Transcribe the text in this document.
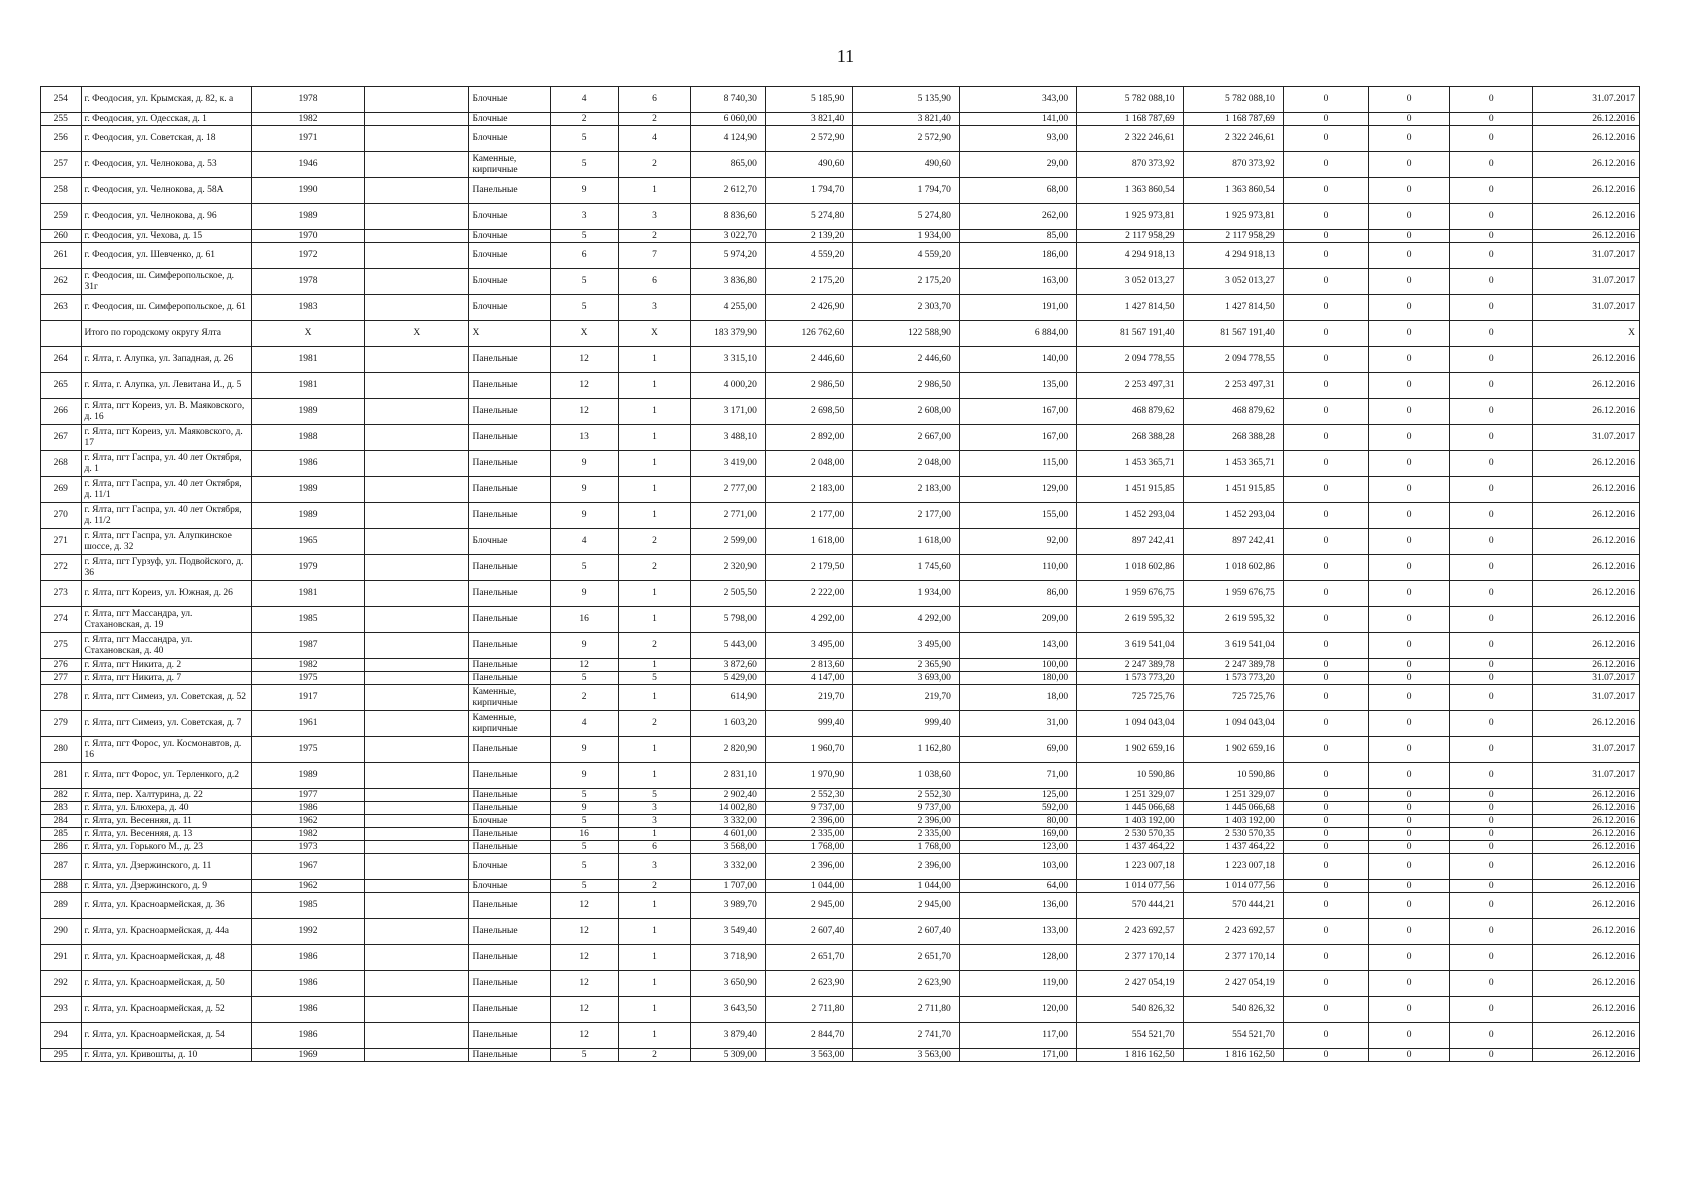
11
254	г. Феодосия, ул. Крымская, д. 82, к. а	1978		Блочные	4	6	8 740,30	5 185,90	5 135,90	343,00	5 782 088,10	5 782 088,10	0	0	0	31.07.2017
255	г. Феодосия, ул. Одесская, д. 1	1982		Блочные	2	2	6 060,00	3 821,40	3 821,40	141,00	1 168 787,69	1 168 787,69	0	0	0	26.12.2016
256	г. Феодосия, ул. Советская, д. 18	1971		Блочные	5	4	4 124,90	2 572,90	2 572,90	93,00	2 322 246,61	2 322 246,61	0	0	0	26.12.2016
257	г. Феодосия, ул. Челнокова, д. 53	1946		Каменные, кирпичные	5	2	865,00	490,60	490,60	29,00	870 373,92	870 373,92	0	0	0	26.12.2016
258	г. Феодосия, ул. Челнокова, д. 58А	1990		Панельные	9	1	2 612,70	1 794,70	1 794,70	68,00	1 363 860,54	1 363 860,54	0	0	0	26.12.2016
259	г. Феодосия, ул. Челнокова, д. 96	1989		Блочные	3	3	8 836,60	5 274,80	5 274,80	262,00	1 925 973,81	1 925 973,81	0	0	0	26.12.2016
260	г. Феодосия, ул. Чехова, д. 15	1970		Блочные	5	2	3 022,70	2 139,20	1 934,00	85,00	2 117 958,29	2 117 958,29	0	0	0	26.12.2016
261	г. Феодосия, ул. Шевченко, д. 61	1972		Блочные	6	7	5 974,20	4 559,20	4 559,20	186,00	4 294 918,13	4 294 918,13	0	0	0	31.07.2017
262	г. Феодосия, ш. Симферопольское, д. 31г	1978		Блочные	5	6	3 836,80	2 175,20	2 175,20	163,00	3 052 013,27	3 052 013,27	0	0	0	31.07.2017
263	г. Феодосия, ш. Симферопольское, д. 61	1983		Блочные	5	3	4 255,00	2 426,90	2 303,70	191,00	1 427 814,50	1 427 814,50	0	0	0	31.07.2017
	Итого по городскому округу Ялта	X	X	X	X	X	183 379,90	126 762,60	122 588,90	6 884,00	81 567 191,40	81 567 191,40	0	0	0	X
264	г. Ялта, г. Алупка, ул. Западная, д. 26	1981		Панельные	12	1	3 315,10	2 446,60	2 446,60	140,00	2 094 778,55	2 094 778,55	0	0	0	26.12.2016
265	г. Ялта, г. Алупка, ул. Левитана И., д. 5	1981		Панельные	12	1	4 000,20	2 986,50	2 986,50	135,00	2 253 497,31	2 253 497,31	0	0	0	26.12.2016
266	г. Ялта, пгт Кореиз, ул. В. Маяковского, д. 16	1989		Панельные	12	1	3 171,00	2 698,50	2 608,00	167,00	468 879,62	468 879,62	0	0	0	26.12.2016
267	г. Ялта, пгт Кореиз, ул. Маяковского, д. 17	1988		Панельные	13	1	3 488,10	2 892,00	2 667,00	167,00	268 388,28	268 388,28	0	0	0	31.07.2017
268	г. Ялта, пгт Гаспра, ул. 40 лет Октября, д. 1	1986		Панельные	9	1	3 419,00	2 048,00	2 048,00	115,00	1 453 365,71	1 453 365,71	0	0	0	26.12.2016
269	г. Ялта, пгт Гаспра, ул. 40 лет Октября, д. 11/1	1989		Панельные	9	1	2 777,00	2 183,00	2 183,00	129,00	1 451 915,85	1 451 915,85	0	0	0	26.12.2016
270	г. Ялта, пгт Гаспра, ул. 40 лет Октября, д. 11/2	1989		Панельные	9	1	2 771,00	2 177,00	2 177,00	155,00	1 452 293,04	1 452 293,04	0	0	0	26.12.2016
271	г. Ялта, пгт Гаспра, ул. Алупкинское шоссе, д. 32	1965		Блочные	4	2	2 599,00	1 618,00	1 618,00	92,00	897 242,41	897 242,41	0	0	0	26.12.2016
272	г. Ялта, пгт Гурзуф, ул. Подвойского, д. 36	1979		Панельные	5	2	2 320,90	2 179,50	1 745,60	110,00	1 018 602,86	1 018 602,86	0	0	0	26.12.2016
273	г. Ялта, пгт Кореиз, ул. Южная, д. 26	1981		Панельные	9	1	2 505,50	2 222,00	1 934,00	86,00	1 959 676,75	1 959 676,75	0	0	0	26.12.2016
274	г. Ялта, пгт Массандра, ул. Стахановская, д. 19	1985		Панельные	16	1	5 798,00	4 292,00	4 292,00	209,00	2 619 595,32	2 619 595,32	0	0	0	26.12.2016
275	г. Ялта, пгт Массандра, ул. Стахановская, д. 40	1987		Панельные	9	2	5 443,00	3 495,00	3 495,00	143,00	3 619 541,04	3 619 541,04	0	0	0	26.12.2016
276	г. Ялта, пгт Никита, д. 2	1982		Панельные	12	1	3 872,60	2 813,60	2 365,90	100,00	2 247 389,78	2 247 389,78	0	0	0	26.12.2016
277	г. Ялта, пгт Никита, д. 7	1975		Панельные	5	5	5 429,00	4 147,00	3 693,00	180,00	1 573 773,20	1 573 773,20	0	0	0	31.07.2017
278	г. Ялта, пгт Симеиз, ул. Советская, д. 52	1917		Каменные, кирпичные	2	1	614,90	219,70	219,70	18,00	725 725,76	725 725,76	0	0	0	31.07.2017
279	г. Ялта, пгт Симеиз, ул. Советская, д. 7	1961		Каменные, кирпичные	4	2	1 603,20	999,40	999,40	31,00	1 094 043,04	1 094 043,04	0	0	0	26.12.2016
280	г. Ялта, пгт Форос, ул. Космонавтов, д. 16	1975		Панельные	9	1	2 820,90	1 960,70	1 162,80	69,00	1 902 659,16	1 902 659,16	0	0	0	31.07.2017
281	г. Ялта, пгт Форос, ул. Терленкого, д.2	1989		Панельные	9	1	2 831,10	1 970,90	1 038,60	71,00	10 590,86	10 590,86	0	0	0	31.07.2017
282	г. Ялта, пер. Халтурина, д. 22	1977		Панельные	5	5	2 902,40	2 552,30	2 552,30	125,00	1 251 329,07	1 251 329,07	0	0	0	26.12.2016
283	г. Ялта, ул. Блюхера, д. 40	1986		Панельные	9	3	14 002,80	9 737,00	9 737,00	592,00	1 445 066,68	1 445 066,68	0	0	0	26.12.2016
284	г. Ялта, ул. Весенняя, д. 11	1962		Блочные	5	3	3 332,00	2 396,00	2 396,00	80,00	1 403 192,00	1 403 192,00	0	0	0	26.12.2016
285	г. Ялта, ул. Весенняя, д. 13	1982		Панельные	16	1	4 601,00	2 335,00	2 335,00	169,00	2 530 570,35	2 530 570,35	0	0	0	26.12.2016
286	г. Ялта, ул. Горького М., д. 23	1973		Панельные	5	6	3 568,00	1 768,00	1 768,00	123,00	1 437 464,22	1 437 464,22	0	0	0	26.12.2016
287	г. Ялта, ул. Дзержинского, д. 11	1967		Блочные	5	3	3 332,00	2 396,00	2 396,00	103,00	1 223 007,18	1 223 007,18	0	0	0	26.12.2016
288	г. Ялта, ул. Дзержинского, д. 9	1962		Блочные	5	2	1 707,00	1 044,00	1 044,00	64,00	1 014 077,56	1 014 077,56	0	0	0	26.12.2016
289	г. Ялта, ул. Красноармейская, д. 36	1985		Панельные	12	1	3 989,70	2 945,00	2 945,00	136,00	570 444,21	570 444,21	0	0	0	26.12.2016
290	г. Ялта, ул. Красноармейская, д. 44а	1992		Панельные	12	1	3 549,40	2 607,40	2 607,40	133,00	2 423 692,57	2 423 692,57	0	0	0	26.12.2016
291	г. Ялта, ул. Красноармейская, д. 48	1986		Панельные	12	1	3 718,90	2 651,70	2 651,70	128,00	2 377 170,14	2 377 170,14	0	0	0	26.12.2016
292	г. Ялта, ул. Красноармейская, д. 50	1986		Панельные	12	1	3 650,90	2 623,90	2 623,90	119,00	2 427 054,19	2 427 054,19	0	0	0	26.12.2016
293	г. Ялта, ул. Красноармейская, д. 52	1986		Панельные	12	1	3 643,50	2 711,80	2 711,80	120,00	540 826,32	540 826,32	0	0	0	26.12.2016
294	г. Ялта, ул. Красноармейская, д. 54	1986		Панельные	12	1	3 879,40	2 844,70	2 741,70	117,00	554 521,70	554 521,70	0	0	0	26.12.2016
295	г. Ялта, ул. Кривошты, д. 10	1969		Панельные	5	2	5 309,00	3 563,00	3 563,00	171,00	1 816 162,50	1 816 162,50	0	0	0	26.12.2016
